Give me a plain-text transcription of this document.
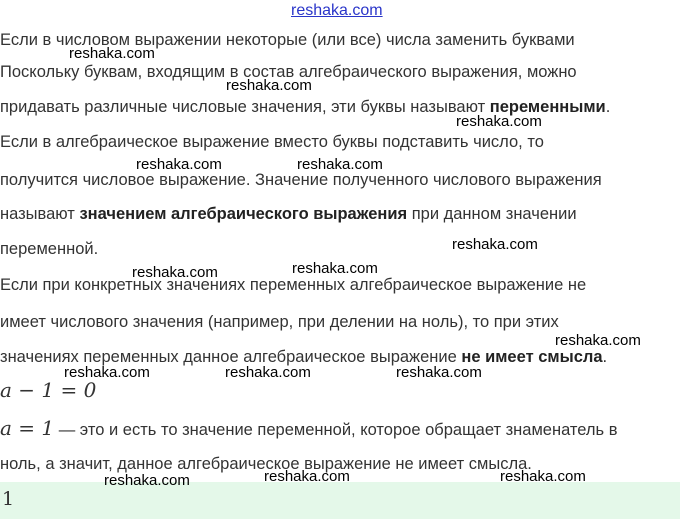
reshaka.com
Если в числовом выражении некоторые (или все) числа заменить буквами
reshaka.com
Поскольку буквам, входящим в состав алгебраического выражения, можно
reshaka.com
придавать различные числовые значения, эти буквы называют переменными.
reshaka.com
Если в алгебраическое выражение вместо буквы подставить число, то
reshaka.com	reshaka.com
получится числовое выражение. Значение полученного числового выражения
называют значением алгебраического выражения при данном значении
reshaka.com
переменной.
reshaka.com	reshaka.com
Если при конкретных значениях переменных алгебраическое выражение не
имеет числового значения (например, при делении на ноль), то при этих
reshaka.com
значениях переменных данное алгебраическое выражение не имеет смысла.
reshaka.com	reshaka.com	reshaka.com
a − 1 = 0
a = 1 — это и есть то значение переменной, которое обращает знаменатель в
ноль, а значит, данное алгебраическое выражение не имеет смысла.
1
reshaka.com	reshaka.com	reshaka.com
